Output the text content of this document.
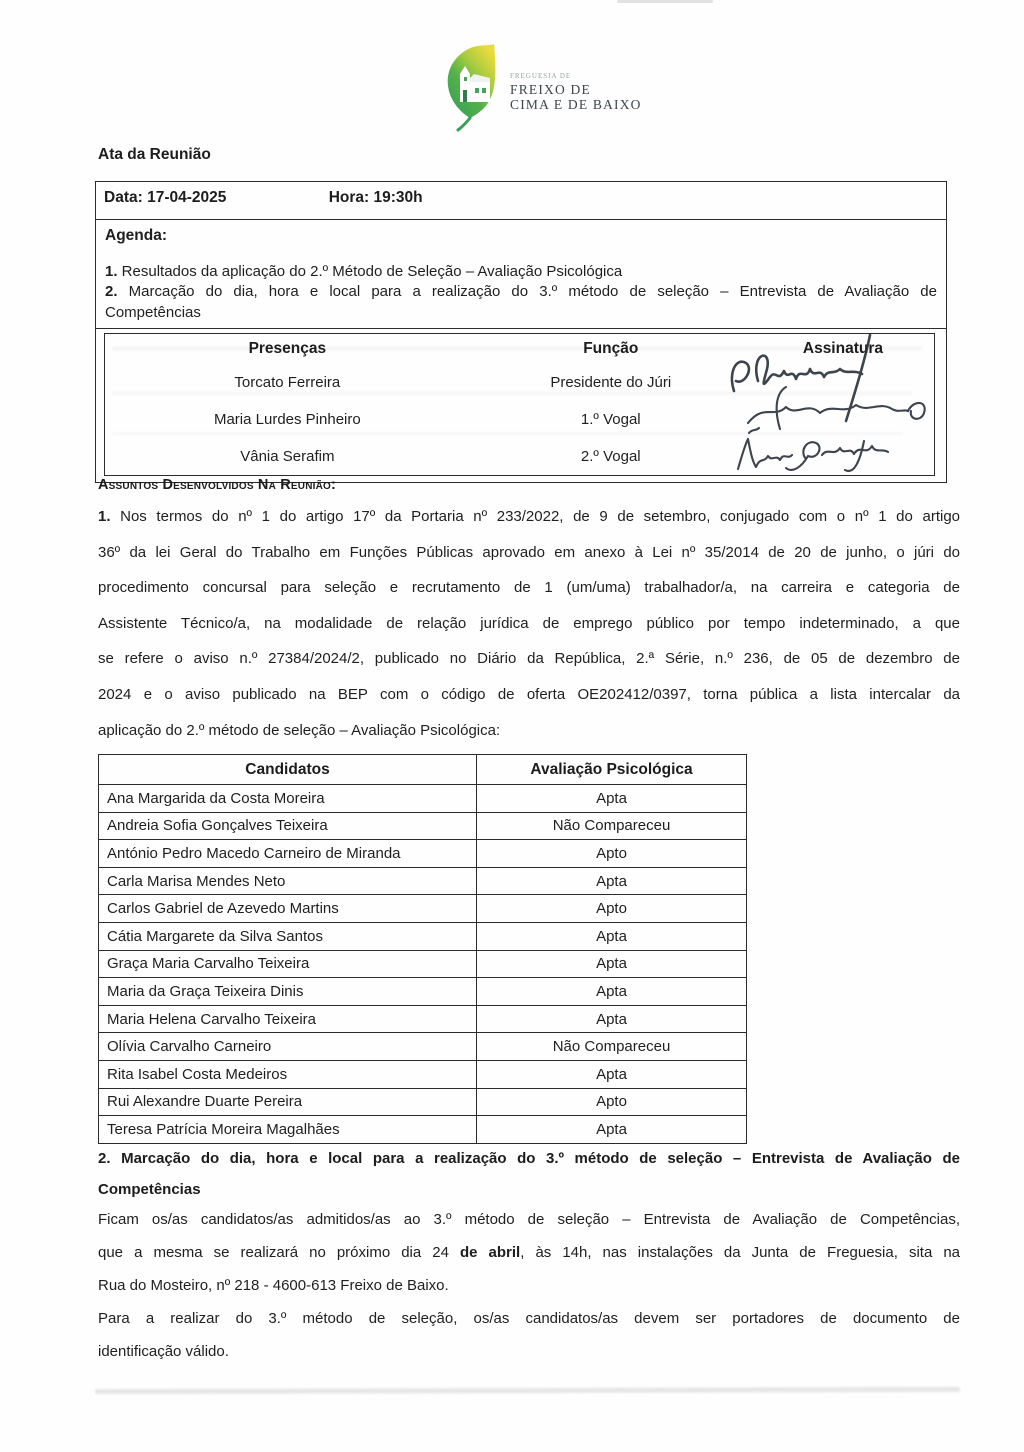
FREGUESIA DE
FREIXO DE
CIMA E DE BAIXO
Ata da Reunião
Data: 17-04-2025	Hora: 19:30h
Agenda:
1. Resultados da aplicação do 2.º Método de Seleção – Avaliação Psicológica
2. Marcação do dia, hora e local para a realização do 3.º método de seleção – Entrevista de Avaliação de
Competências
Presenças	Função	Assinatura
Torcato Ferreira	Presidente do Júri	
Maria Lurdes Pinheiro	1.º Vogal	
Vânia Serafim	2.º Vogal	
Assuntos Desenvolvidos Na Reunião:
1. Nos termos do nº 1 do artigo 17º da Portaria nº 233/2022, de 9 de setembro, conjugado com o nº 1 do artigo
36º da lei Geral do Trabalho em Funções Públicas aprovado em anexo à Lei nº 35/2014 de 20 de junho, o júri do
procedimento concursal para seleção e recrutamento de 1 (um/uma) trabalhador/a, na carreira e categoria de
Assistente Técnico/a, na modalidade de relação jurídica de emprego público por tempo indeterminado, a que
se refere o aviso n.º 27384/2024/2, publicado no Diário da República, 2.ª Série, n.º 236, de 05 de dezembro de
2024 e o aviso publicado na BEP com o código de oferta OE202412/0397, torna pública a lista intercalar da
aplicação do 2.º método de seleção – Avaliação Psicológica:
Candidatos	Avaliação Psicológica
Ana Margarida da Costa Moreira	Apta
Andreia Sofia Gonçalves Teixeira	Não Compareceu
António Pedro Macedo Carneiro de Miranda	Apto
Carla Marisa Mendes Neto	Apta
Carlos Gabriel de Azevedo Martins	Apto
Cátia Margarete da Silva Santos	Apta
Graça Maria Carvalho Teixeira	Apta
Maria da Graça Teixeira Dinis	Apta
Maria Helena Carvalho Teixeira	Apta
Olívia Carvalho Carneiro	Não Compareceu
Rita Isabel Costa Medeiros	Apta
Rui Alexandre Duarte Pereira	Apto
Teresa Patrícia Moreira Magalhães	Apta
2. Marcação do dia, hora e local para a realização do 3.º método de seleção – Entrevista de Avaliação de
Competências
Ficam os/as candidatos/as admitidos/as ao 3.º método de seleção – Entrevista de Avaliação de Competências,
que a mesma se realizará no próximo dia 24 de abril, às 14h, nas instalações da Junta de Freguesia, sita na
Rua do Mosteiro, nº 218 - 4600-613 Freixo de Baixo.
Para a realizar do 3.º método de seleção, os/as candidatos/as devem ser portadores de documento de
identificação válido.
